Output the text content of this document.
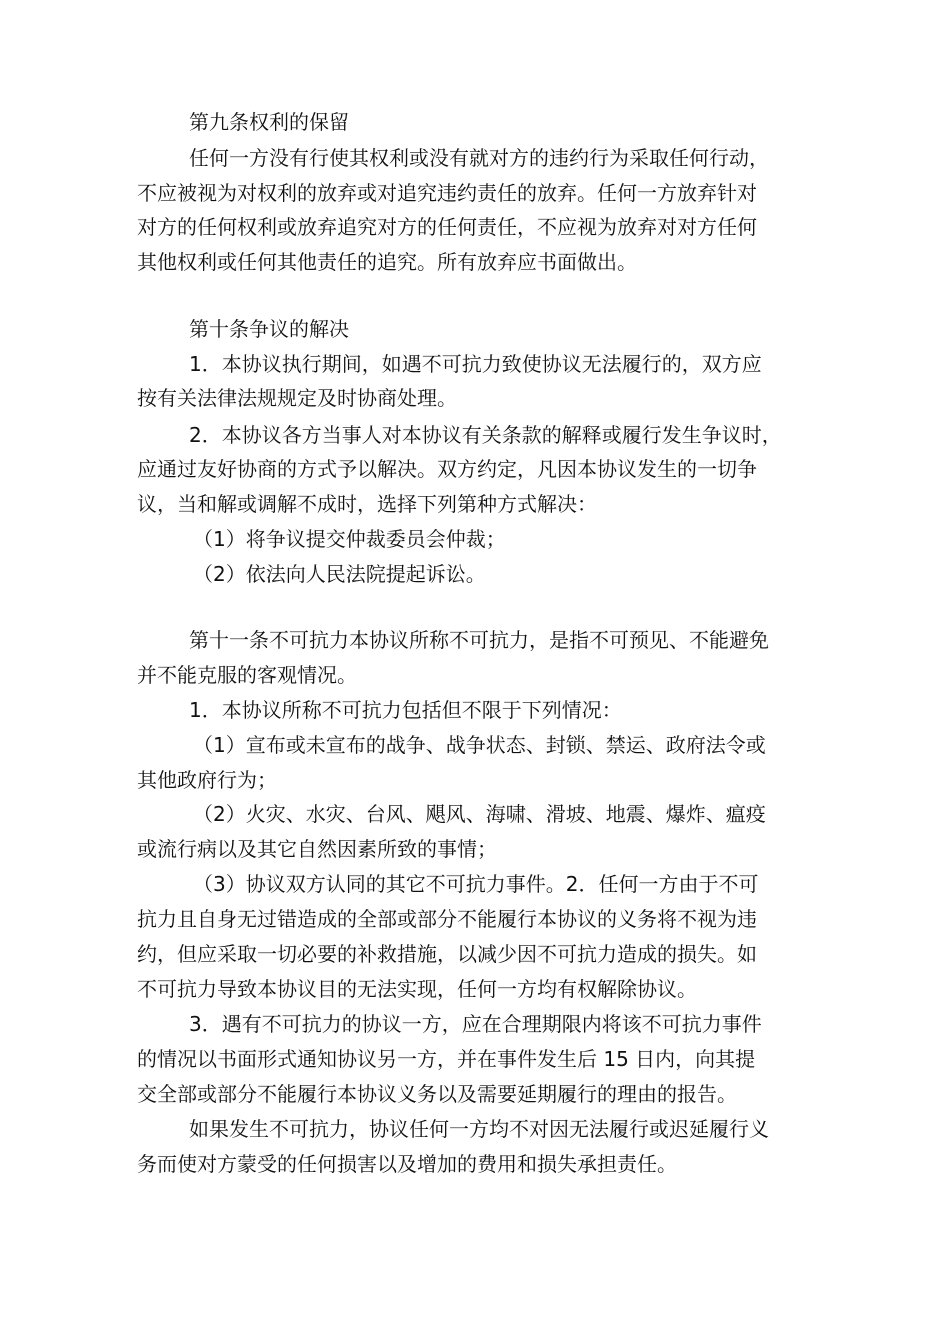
第九条权利的保留
任何一方没有行使其权利或没有就对方的违约行为采取任何行动，
不应被视为对权利的放弃或对追究违约责任的放弃。任何一方放弃针对
对方的任何权利或放弃追究对方的任何责任，不应视为放弃对对方任何
其他权利或任何其他责任的追究。所有放弃应书面做出。
第十条争议的解决
1．本协议执行期间，如遇不可抗力致使协议无法履行的，双方应
按有关法律法规规定及时协商处理。
2．本协议各方当事人对本协议有关条款的解释或履行发生争议时，
应通过友好协商的方式予以解决。双方约定，凡因本协议发生的一切争
议，当和解或调解不成时，选择下列第种方式解决：
（1）将争议提交仲裁委员会仲裁；
（2）依法向人民法院提起诉讼。
第十一条不可抗力本协议所称不可抗力，是指不可预见、不能避免
并不能克服的客观情况。
1．本协议所称不可抗力包括但不限于下列情况：
（1）宣布或未宣布的战争、战争状态、封锁、禁运、政府法令或
其他政府行为；
（2）火灾、水灾、台风、飓风、海啸、滑坡、地震、爆炸、瘟疫
或流行病以及其它自然因素所致的事情；
（3）协议双方认同的其它不可抗力事件。2．任何一方由于不可
抗力且自身无过错造成的全部或部分不能履行本协议的义务将不视为违
约，但应采取一切必要的补救措施，以减少因不可抗力造成的损失。如
不可抗力导致本协议目的无法实现，任何一方均有权解除协议。
3．遇有不可抗力的协议一方，应在合理期限内将该不可抗力事件
的情况以书面形式通知协议另一方，并在事件发生后 15 日内，向其提
交全部或部分不能履行本协议义务以及需要延期履行的理由的报告。
如果发生不可抗力，协议任何一方均不对因无法履行或迟延履行义
务而使对方蒙受的任何损害以及增加的费用和损失承担责任。
